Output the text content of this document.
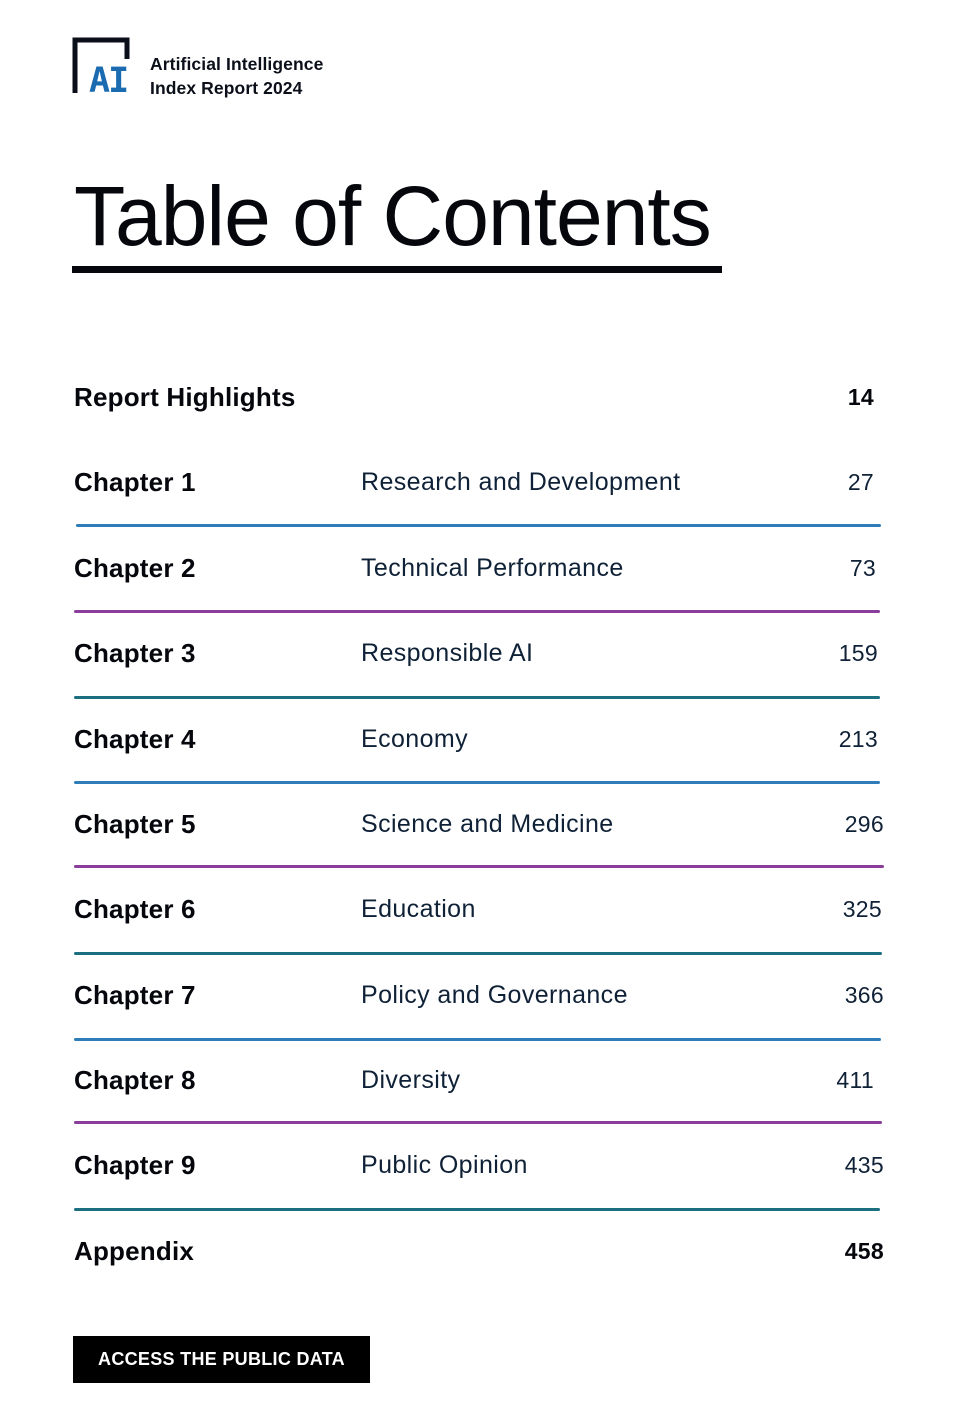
AI Artificial Intelligence
Index Report 2024
Table of Contents
Report Highlights	14
Chapter 1	Research and Development	27
Chapter 2	Technical Performance	73
Chapter 3	Responsible AI	159
Chapter 4	Economy	213
Chapter 5	Science and Medicine	296
Chapter 6	Education	325
Chapter 7	Policy and Governance	366
Chapter 8	Diversity	411
Chapter 9	Public Opinion	435
Appendix	458
ACCESS THE PUBLIC DATA
